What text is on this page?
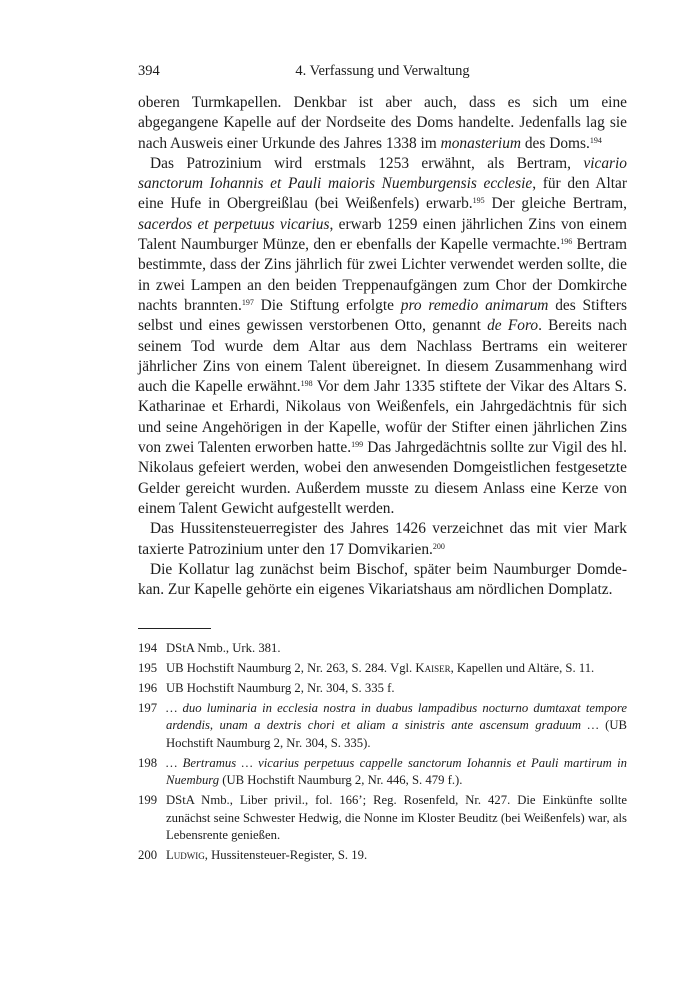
394	4. Verfassung und Verwaltung

oberen Turmkapellen. Denkbar ist aber auch, dass es sich um eine abgegangene Kapelle auf der Nordseite des Doms handelte. Jedenfalls lag sie nach Ausweis einer Urkunde des Jahres 1338 im monasterium des Doms.$^{194}$

Das Patrozinium wird erstmals 1253 erwähnt, als Bertram, vicario sanctorum Iohannis et Pauli maioris Nuemburgensis ecclesie, für den Altar eine Hufe in Obergreißlau (bei Weißenfels) erwarb.$^{195}$ Der gleiche Bertram, sacerdos et perpetuus vicarius, erwarb 1259 einen jährlichen Zins von einem Talent Naumburger Münze, den er ebenfalls der Kapelle vermachte.$^{196}$ Bertram bestimmte, dass der Zins jährlich für zwei Lichter verwendet werden sollte, die in zwei Lampen an den beiden Treppenaufgängen zum Chor der Domkirche nachts brannten.$^{197}$ Die Stiftung erfolgte pro remedio animarum des Stifters selbst und eines gewissen verstorbenen Otto, genannt de Foro. Bereits nach seinem Tod wurde dem Altar aus dem Nachlass Bertrams ein weiterer jährlicher Zins von einem Talent übereignet. In diesem Zusammenhang wird auch die Kapelle erwähnt.$^{198}$ Vor dem Jahr 1335 stiftete der Vikar des Altars S. Katharinae et Erhardi, Nikolaus von Weißenfels, ein Jahrgedächtnis für sich und seine Angehörigen in der Kapelle, wofür der Stifter einen jährlichen Zins von zwei Talenten erworben hatte.$^{199}$ Das Jahrgedächtnis sollte zur Vigil des hl. Nikolaus gefeiert werden, wobei den anwesenden Domgeistlichen festgesetzte Gelder gereicht wurden. Außerdem musste zu diesem Anlass eine Kerze von einem Talent Gewicht aufgestellt werden.

Das Hussitensteuerregister des Jahres 1426 verzeichnet das mit vier Mark taxierte Patrozinium unter den 17 Domvikarien.$^{200}$

Die Kollatur lag zunächst beim Bischof, später beim Naumburger Domdekan. Zur Kapelle gehörte ein eigenes Vikariatshaus am nördlichen Domplatz.

194 DStA Nmb., Urk. 381.
195 UB Hochstift Naumburg 2, Nr. 263, S. 284. Vgl. Kaiser, Kapellen und Altäre, S. 11.
196 UB Hochstift Naumburg 2, Nr. 304, S. 335 f.
197 … duo luminaria in ecclesia nostra in duabus lampadibus nocturno dumtaxat tempore ardendis, unam a dextris chori et aliam a sinistris ante ascensum graduum … (UB Hochstift Naumburg 2, Nr. 304, S. 335).
198 … Bertramus … vicarius perpetuus cappelle sanctorum Iohannis et Pauli martirum in Nuemburg (UB Hochstift Naumburg 2, Nr. 446, S. 479 f.).
199 DStA Nmb., Liber privil., fol. 166’; Reg. Rosenfeld, Nr. 427. Die Einkünfte sollte zunächst seine Schwester Hedwig, die Nonne im Kloster Beuditz (bei Weißenfels) war, als Lebensrente genießen.
200 Ludwig, Hussitensteuer-Register, S. 19.
